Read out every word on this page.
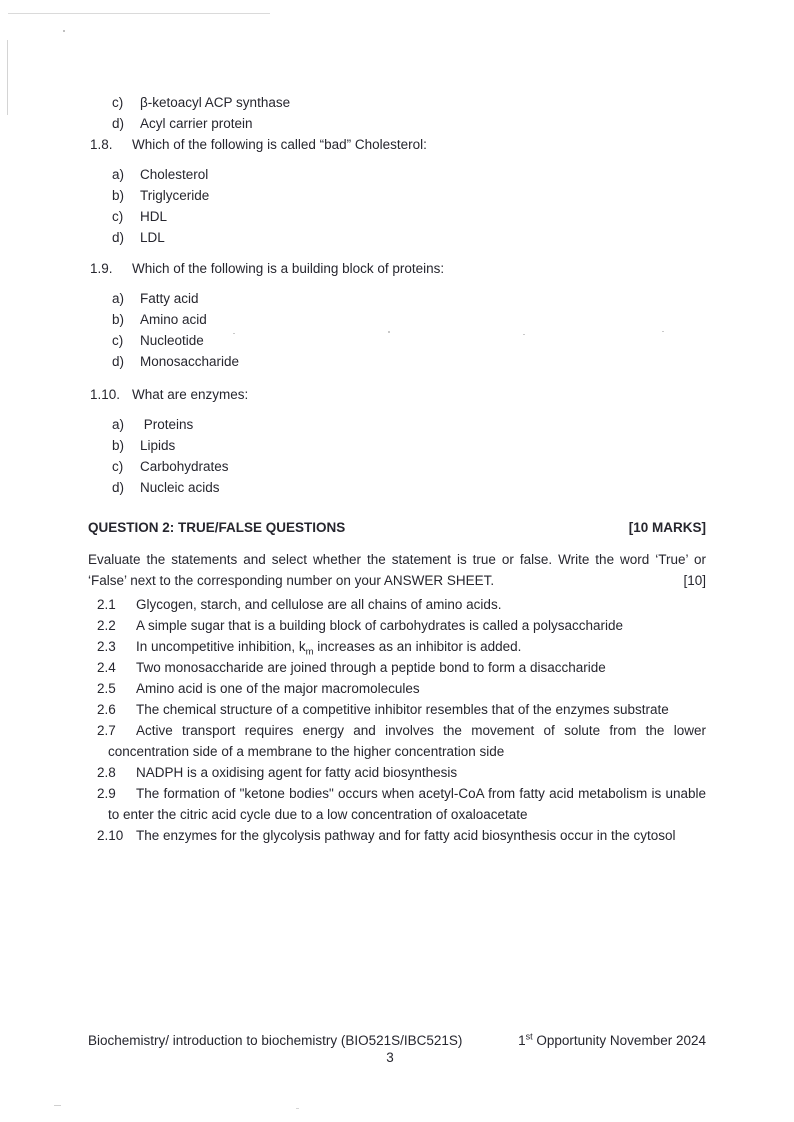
c) β-ketoacyl ACP synthase
d) Acyl carrier protein
1.8. Which of the following is called “bad” Cholesterol:
a) Cholesterol
b) Triglyceride
c) HDL
d) LDL
1.9. Which of the following is a building block of proteins:
a) Fatty acid
b) Amino acid
c) Nucleotide
d) Monosaccharide
1.10. What are enzymes:
a) Proteins
b) Lipids
c) Carbohydrates
d) Nucleic acids
QUESTION 2: TRUE/FALSE QUESTIONS	[10 MARKS]
Evaluate the statements and select whether the statement is true or false. Write the word ‘True’ or ‘False’ next to the corresponding number on your ANSWER SHEET.	[10]
2.1 Glycogen, starch, and cellulose are all chains of amino acids.
2.2 A simple sugar that is a building block of carbohydrates is called a polysaccharide
2.3 In uncompetitive inhibition, $k_m$ increases as an inhibitor is added.
2.4 Two monosaccharide are joined through a peptide bond to form a disaccharide
2.5 Amino acid is one of the major macromolecules
2.6 The chemical structure of a competitive inhibitor resembles that of the enzymes substrate
2.7 Active transport requires energy and involves the movement of solute from the lower concentration side of a membrane to the higher concentration side
2.8 NADPH is a oxidising agent for fatty acid biosynthesis
2.9 The formation of "ketone bodies" occurs when acetyl-CoA from fatty acid metabolism is unable to enter the citric acid cycle due to a low concentration of oxaloacetate
2.10 The enzymes for the glycolysis pathway and for fatty acid biosynthesis occur in the cytosol
Biochemistry/ introduction to biochemistry (BIO521S/IBC521S)	1st Opportunity November 2024
3
